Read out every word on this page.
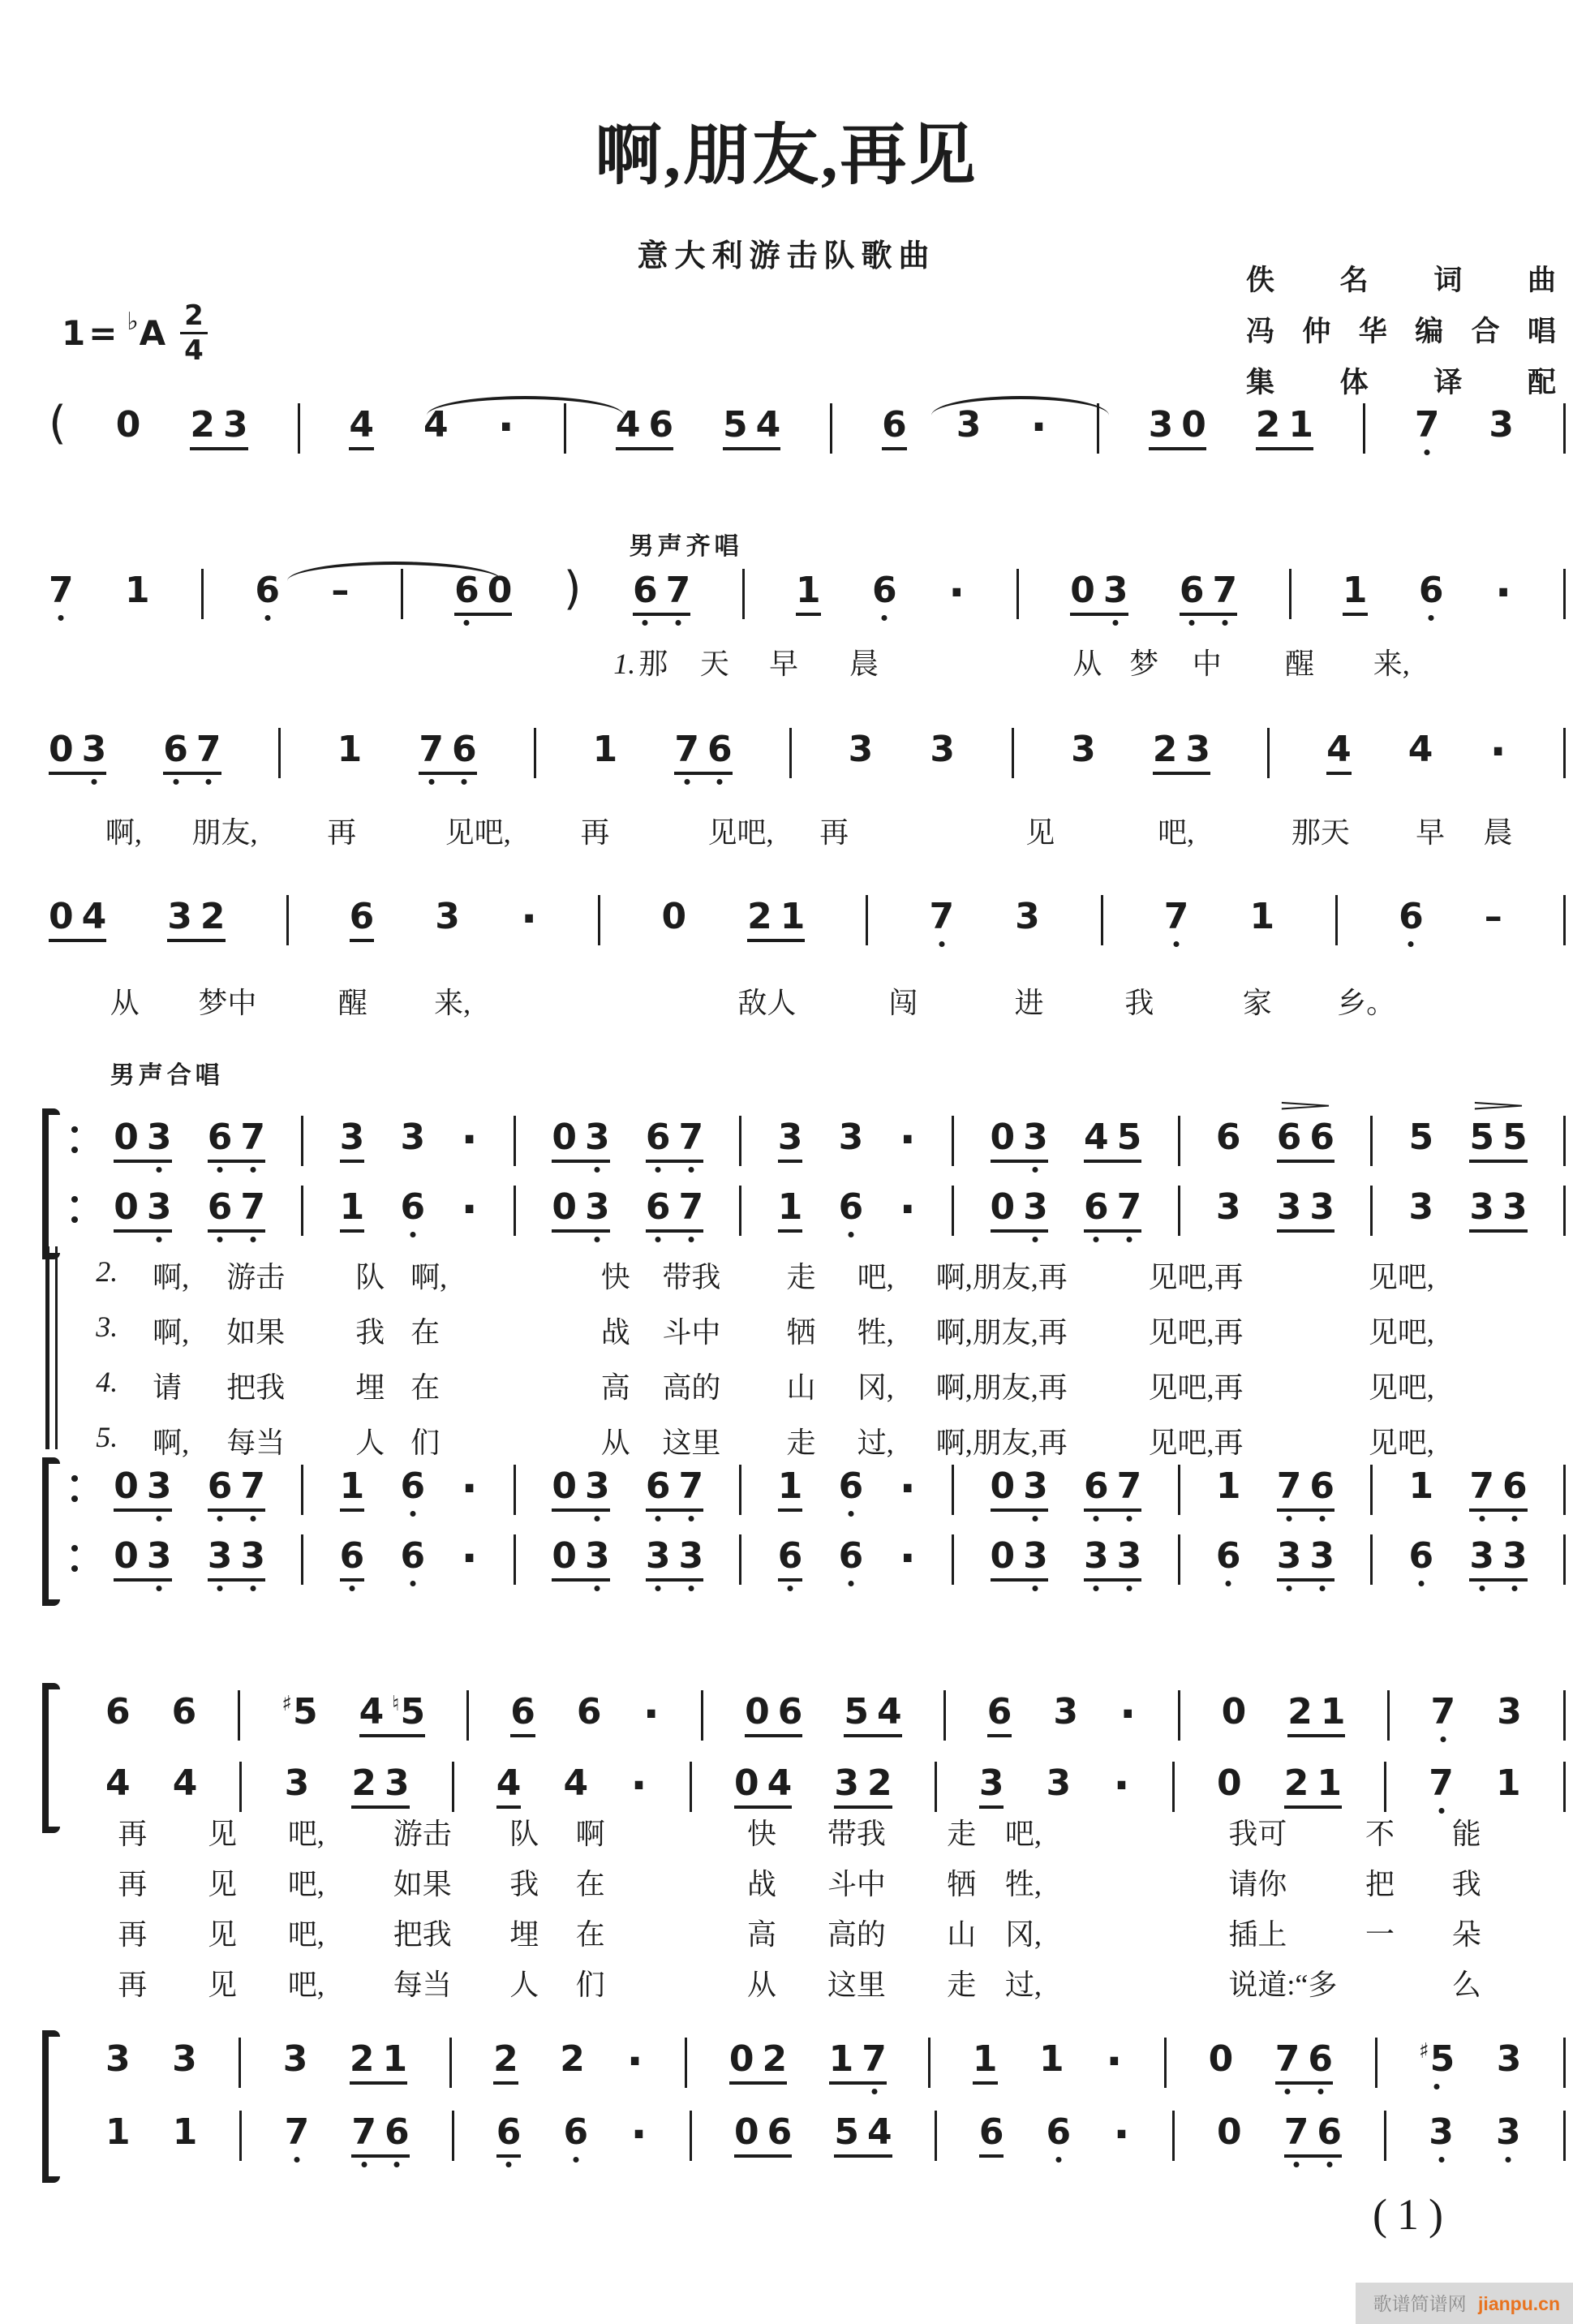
啊,朋友,再见
意大利游击队歌曲
佚 名 词 曲
冯 仲 华 编 合 唱
集 体 译 配
1 = ♭ A $\frac{2}{4}$
( 0 2 3	4 4 ·	4 6 5 4	6 3 ·	3 0 2 1	7 3
7 1	6 –	6 0 ) 6 7	1 6 ·	0 3 6 7	1 6 ·
0 3 6 7	1 7 6	1 7 6	3 3	3 2 3	4 4 ·
0 4 3 2	6 3 ·	0 2 1	7 3	7 1	6 –
0 3 6 7 3 3 · 0 3 6 7 3 3 · 0 3 4 5 6 6 6
>
5 5 5
>
0 3 6 7 1 6 · 0 3 6 7 1 6 · 0 3 6 7 3 3 3 3 3 3
0 3 6 7 1 6 · 0 3 6 7 1 6 · 0 3 6 7 1 7 6 1 7 6
0 3 3 3 6 6 · 0 3 3 3 6 6 · 0 3 3 3 6 3 3 6 3 3
6 6	♯5 4 ♮5 6 6 · 0 6 5 4 6 3 · 0 2 1 7 3
4 4 3 2 3 4 4 · 0 4 3 2 3 3 · 0 2 1 7 1
3 3 3 2 1 2 2 · 0 2 1 7 1 1 · 0 7 6	♯5 3
1 1 7 7 6 6 6 · 0 6 5 4 6 6 · 0 7 6 3 3
1. 那 天 早 晨	从 梦 中 醒 来,
啊, 朋友, 再	见吧, 再	见吧, 再	见	吧,	那天 早 晨
从 梦中	醒 来,	敌人	闯	进	我	家 乡。
2. 啊, 游击 队 啊,	快 带我 走 吧, 啊,朋友,再	见吧,再	见吧,
3. 啊, 如果 我 在	战 斗中 牺 牲, 啊,朋友,再	见吧,再	见吧,
4. 请 把我 埋 在	高 高的 山 冈, 啊,朋友,再	见吧,再	见吧,
5. 啊, 每当 人 们	从 这里 走 过, 啊,朋友,再	见吧,再	见吧,
再 见 吧, 游击 队 啊	快 带我 走 吧,	我可	不 能
再 见 吧, 如果 我 在	战 斗中 牺 牲,	请你	把 我
再 见 吧, 把我 埋 在	高 高的 山 冈,	插上	一 朵
再 见 吧, 每当 人 们	从 这里 走 过,	说道:“多	么
男声齐唱
男声合唱
(1)
歌谱简谱网 jianpu.cn
